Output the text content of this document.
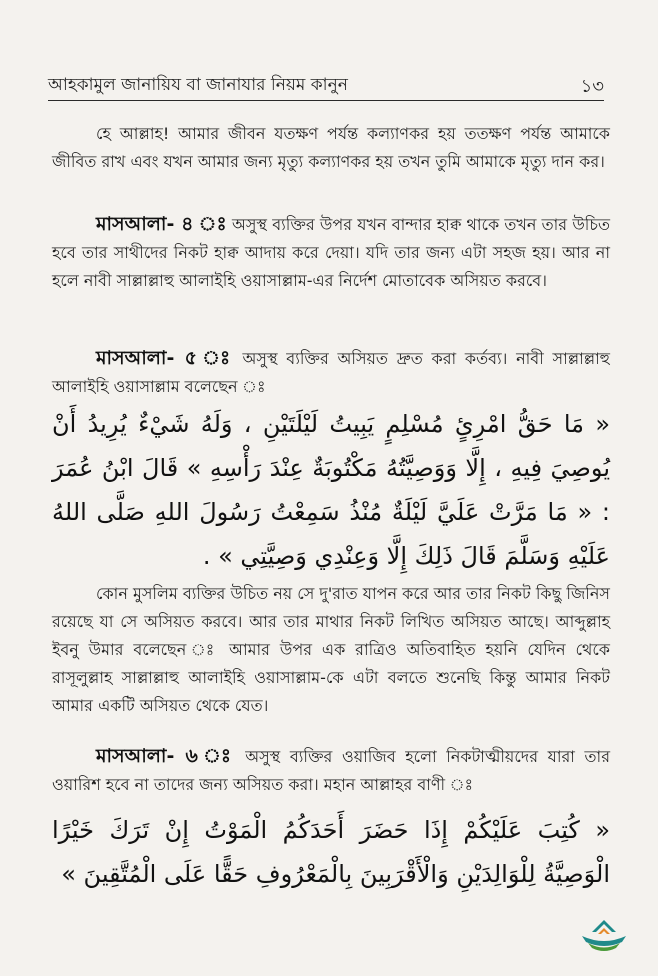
আহকামুল জানায়িয বা জানাযার নিয়ম কানুন	১৩

হে আল্লাহ! আমার জীবন যতক্ষণ পর্যন্ত কল্যাণকর হয় ততক্ষণ পর্যন্ত আমাকে জীবিত রাখ এবং যখন আমার জন্য মৃত্যু কল্যাণকর হয় তখন তুমি আমাকে মৃত্যু দান কর।

মাসআলা- ৪ ঃ অসুস্থ ব্যক্তির উপর যখন বান্দার হাক্ব থাকে তখন তার উচিত হবে তার সাথীদের নিকট হাক্ব আদায় করে দেয়া। যদি তার জন্য এটা সহজ হয়। আর না হলে নাবী সাল্লাল্লাহু আলাইহি ওয়াসাল্লাম-এর নির্দেশ মোতাবেক অসিয়ত করবে।

মাসআলা- ৫ ঃ অসুস্থ ব্যক্তির অসিয়ত দ্রুত করা কর্তব্য। নাবী সাল্লাল্লাহু আলাইহি ওয়াসাল্লাম বলেছেন ঃ

« مَا حَقُّ امْرِئٍ مُسْلِمٍ يَبِيتُ لَيْلَتَيْنِ ، وَلَهُ شَيْءٌ يُرِيدُ أَنْ يُوصِيَ فِيهِ ، إِلَّا وَوَصِيَّتُهُ مَكْتُوبَةٌ عِنْدَ رَأْسِهِ » قَالَ ابْنُ عُمَرَ : « مَا مَرَّتْ عَلَيَّ لَيْلَةٌ مُنْذُ سَمِعْتُ رَسُولَ اللهِ صَلَّى اللهُ عَلَيْهِ وَسَلَّمَ قَالَ ذَلِكَ إِلَّا وَعِنْدِي وَصِيَّتِي » .

কোন মুসলিম ব্যক্তির উচিত নয় সে দু'রাত যাপন করে আর তার নিকট কিছু জিনিস রয়েছে যা সে অসিয়ত করবে। আর তার মাথার নিকট লিখিত অসিয়ত আছে। আব্দুল্লাহ ইবনু উমার বলেছেন ঃ আমার উপর এক রাত্রিও অতিবাহিত হয়নি যেদিন থেকে রাসূলুল্লাহ সাল্লাল্লাহু আলাইহি ওয়াসাল্লাম-কে এটা বলতে শুনেছি কিন্তু আমার নিকট আমার একটি অসিয়ত থেকে যেত।

মাসআলা- ৬ ঃ অসুস্থ ব্যক্তির ওয়াজিব হলো নিকটাত্মীয়দের যারা তার ওয়ারিশ হবে না তাদের জন্য অসিয়ত করা। মহান আল্লাহর বাণী ঃ

« كُتِبَ عَلَيْكُمْ إِذَا حَضَرَ أَحَدَكُمُ الْمَوْتُ إِنْ تَرَكَ خَيْرًا الْوَصِيَّةُ لِلْوَالِدَيْنِ وَالْأَقْرَبِينَ بِالْمَعْرُوفِ حَقًّا عَلَى الْمُتَّقِينَ »
